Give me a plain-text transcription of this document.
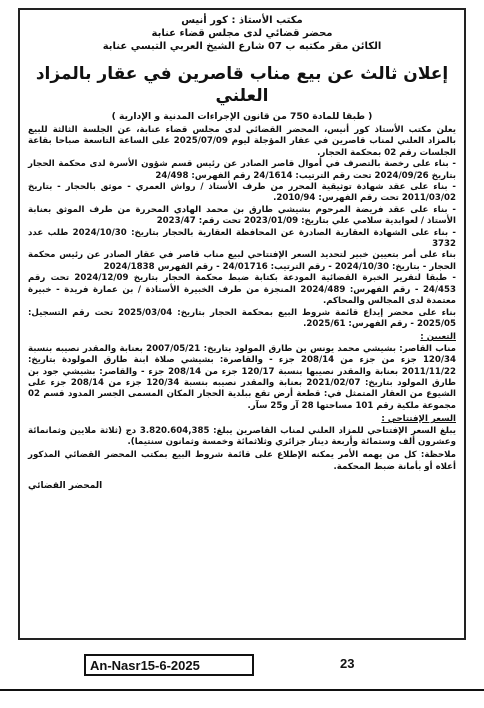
مكتب الأستاذ : كور أنيس
محضر قضائي لدى مجلس قضاء عنابة
الكائن مقر مكتبه ب 07 شارع الشيخ العربي التبسي عنابة
إعلان ثالث عن بيع مناب قاصرين في عقار بالمزاد العلني
( طبقا للمادة 750 من قانون الإجراءات المدنية و الإدارية )

يعلن مكتب الأستاذ كور أنيس، المحضر القضائي لدى مجلس قضاء عنابة، عن الجلسة الثالثة للبيع بالمزاد العلني لمناب قاصرين في عقار المؤجلة ليوم 2025/07/09 على الساعة التاسعة صباحا بقاعة الجلسات رقم 02 بمحكمة الحجار.

- بناء على رخصة بالتصرف في أموال قاصر الصادر عن رئيس قسم شؤون الأسرة لدى محكمة الحجار بتاريخ 2024/09/26 تحت رقم الترتيب: 24/1614 رقم الفهرس: 24/498

- بناء على عقد شهادة توثيقية المحرر من طرف الأستاذ / رواش العمري - موثق بالحجار - بتاريخ 2011/03/02 تحت رقم الفهرس: 2010/94.

- بناء على عقد فريضة المرحوم بشيشي طارق بن محمد الهادي المحررة من طرف الموثق بعنابة الأستاذ / لعوابدية سلامي علي بتاريخ: 2023/01/09 تحت رقم: 2023/47

- بناء على الشهادة العقارية الصادرة عن المحافظة العقارية بالحجار بتاريخ: 2024/10/30 طلب عدد 3732

بناء على أمر بتعيين خبير لتحديد السعر الإفتتاحي لبيع مناب قاصر في عقار الصادر عن رئيس محكمة الحجار - بتاريخ: 2024/10/30 - رقم الترتيب: 24/01716 - رقم الفهرس 2024/1838

- طبقا لتقرير الخبرة القضائية المودعة بكتابة ضبط محكمة الحجار بتاريخ 2024/12/09 تحت رقم 24/453 - رقم الفهرس: 2024/489 المنجزة من طرف الخبيرة الأستاذة / بن عمارة فريدة - خبيرة معتمدة لدى المجالس والمحاكم.

بناء على محضر إيداع قائمة شروط البيع بمحكمة الحجار بتاريخ: 2025/03/04 تحت رقم التسجيل: 2025/05 - رقم الفهرس: 2025/61.

التعيين :

مناب القاصر: بشيشي محمد يونس بن طارق المولود بتاريخ: 2007/05/21 بعنابة والمقدر نصيبه بنسبة 120/34 جزء من جزء من 208/14 جزء - والقاصرة: بشيشي صلاة ابنة طارق المولودة بتاريخ: 2011/11/22 بعنابة والمقدر نصيبها بنسبة 120/17 جزء من 208/14 جزء - والقاصر: بشيشي جود بن طارق المولود بتاريخ: 2021/02/07 بعنابة والمقدر نصيبه بنسبة 120/34 جزء من 208/14 جزء على الشيوع من العقار المتمثل في: قطعة أرض تقع ببلدية الحجار المكان المسمى الجسر المدود قسم 02 مجموعة ملكية رقم 101 مساحتها 28 آر و25 سآر.

السعر الإفتتاحي :

يبلغ السعر الإفتتاحي للمزاد العلني لمناب القاصرين يبلغ: 3.820.604,385 دج (ثلاثة ملايين وثمانمائة وعشرون ألف وستمائة وأربعة دينار جزائري وثلاثمائة وخمسة وثمانون سنتيما).

ملاحظة: كل من يهمه الأمر يمكنه الإطلاع على قائمة شروط البيع بمكتب المحضر القضائي المذكور أعلاه أو بأمانة ضبط المحكمة.

المحضر القضائي
An-Nasr15-6-2025	23
